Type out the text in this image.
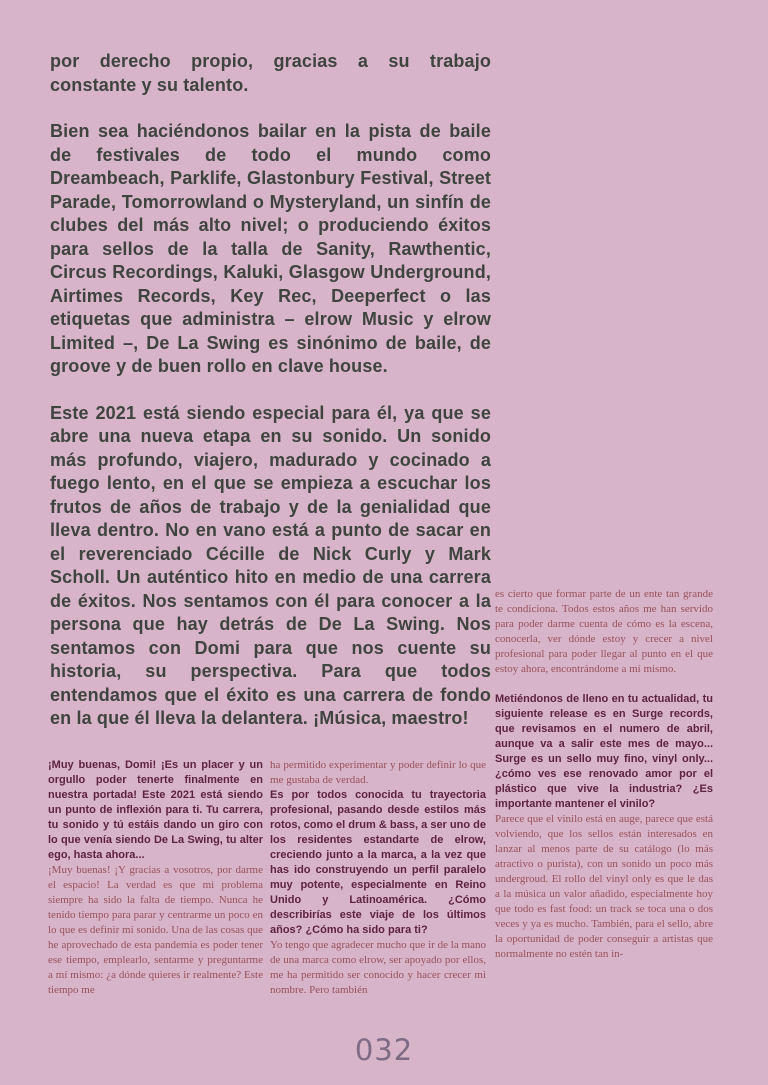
por derecho propio, gracias a su trabajo constante y su talento.

Bien sea haciéndonos bailar en la pista de baile de festivales de todo el mundo como Dreambeach, Parklife, Glastonbury Festival, Street Parade, Tomorrowland o Mysteryland, un sinfín de clubes del más alto nivel; o produciendo éxitos para sellos de la talla de Sanity, Rawthentic, Circus Recordings, Kaluki, Glasgow Underground, Airtimes Records, Key Rec, Deeperfect o las etiquetas que administra – elrow Music y elrow Limited –, De La Swing es sinónimo de baile, de groove y de buen rollo en clave house.

Este 2021 está siendo especial para él, ya que se abre una nueva etapa en su sonido. Un sonido más profundo, viajero, madurado y cocinado a fuego lento, en el que se empieza a escuchar los frutos de años de trabajo y de la genialidad que lleva dentro. No en vano está a punto de sacar en el reverenciado Cécille de Nick Curly y Mark Scholl. Un auténtico hito en medio de una carrera de éxitos. Nos sentamos con él para conocer a la persona que hay detrás de De La Swing. Nos sentamos con Domi para que nos cuente su historia, su perspectiva. Para que todos entendamos que el éxito es una carrera de fondo en la que él lleva la delantera. ¡Música, maestro!

¡Muy buenas, Domi! ¡Es un placer y un orgullo poder tenerte finalmente en nuestra portada! Este 2021 está siendo un punto de inflexión para ti. Tu carrera, tu sonido y tú estáis dando un giro con lo que venía siendo De La Swing, tu alter ego, hasta ahora...

¡Muy buenas! ¡Y gracias a vosotros, por darme el espacio! La verdad es que mi problema siempre ha sido la falta de tiempo. Nunca he tenido tiempo para parar y centrarme un poco en lo que es definir mi sonido. Una de las cosas que he aprovechado de esta pandemia es poder tener ese tiempo, emplearlo, sentarme y preguntarme a mí mismo: ¿a dónde quieres ir realmente? Este tiempo me

ha permitido experimentar y poder definir lo que me gustaba de verdad.

Es por todos conocida tu trayectoria profesional, pasando desde estilos más rotos, como el drum & bass, a ser uno de los residentes estandarte de elrow, creciendo junto a la marca, a la vez que has ido construyendo un perfil paralelo muy potente, especialmente en Reino Unido y Latinoamérica. ¿Cómo describirías este viaje de los últimos años? ¿Cómo ha sido para ti?

Yo tengo que agradecer mucho que ir de la mano de una marca como elrow, ser apoyado por ellos, me ha permitido ser conocido y hacer crecer mi nombre. Pero también

es cierto que formar parte de un ente tan grande te condiciona. Todos estos años me han servido para poder darme cuenta de cómo es la escena, conocerla, ver dónde estoy y crecer a nivel profesional para poder llegar al punto en el que estoy ahora, encontrándome a mí mismo.

Metiéndonos de lleno en tu actualidad, tu siguiente release es en Surge records, que revisamos en el numero de abril, aunque va a salir este mes de mayo... Surge es un sello muy fino, vinyl only... ¿cómo ves ese renovado amor por el plástico que vive la industria? ¿Es importante mantener el vinilo?

Parece que el vinilo está en auge, parece que está volviendo, que los sellos están interesados en lanzar al menos parte de su catálogo (lo más atractivo o purista), con un sonido un poco más undergroud. El rollo del vinyl only es que le das a la música un valor añadido, especialmente hoy que todo es fast food: un track se toca una o dos veces y ya es mucho. También, para el sello, abre la oportunidad de poder conseguir a artistas que normalmente no estén tan in-

032
